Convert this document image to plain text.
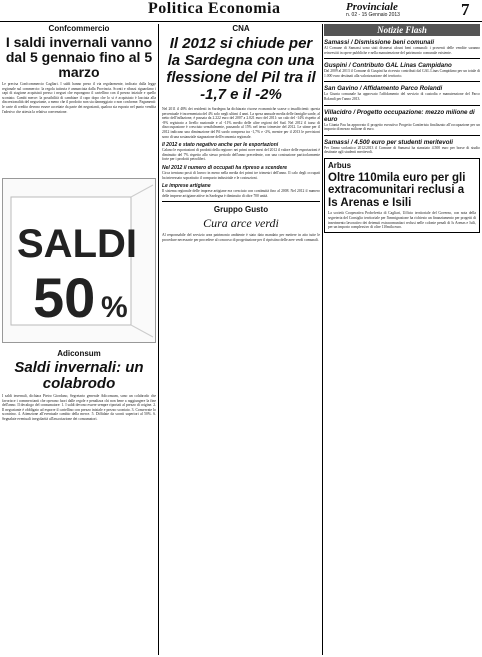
Politica Economia	Provinciale
n. 02 - 15 Gennaio 2013	7
Confcommercio
I saldi invernali vanno dal 5 gennaio fino al 5 marzo
Le precisa Confcommercio Cagliari. I saldi hanno preso il via regolarmente, indicato dalla legge regionale sul commercio: la regola tuttavia è annunciata dalla Provincia. Sconti e ribassi riguardano i capi di stagione acquistati presso i negozi che espongono il cartellino con il prezzo iniziale e quello scontato. Cambi merce: la possibilità di cambiare il capo dopo che lo si è acquistato è lasciata alla discrezionalità del negoziante, a meno che il prodotto non sia danneggiato o non conforme. Pagamenti: le carte di credito devono essere accettate da parte dei negozianti, qualora sia esposto nel punto vendita l'adesivo che attesta la relativa convenzione.
SALDI
50 %
Adiconsum
Saldi invernali: un colabrodo
I saldi invernali, dichiara Pietro Giordano, Segretario generale Adiconsum, sono un colabrodo che favorisce i commercianti che operano fuori dalle regole e penalizza chi non bene a raggiungere la fine dell'anno. Il decalogo del consumatore: 1. I saldi devono essere sempre riportati al prezzo di origine. 2. Il negoziante è obbligato ad esporre il cartellino con prezzo iniziale e prezzo scontato. 3. Conservate lo scontrino. 4. Attenzione all'eventuale cambio della merce. 5. Diffidate da sconti superiori al 50%. 6. Segnalate eventuali irregolarità all'associazione dei consumatori.
CNA
Il 2012 si chiude per la Sardegna con una flessione del Pil tra il -1,7 e il -2%
Nel 2011 il 48% dei residenti in Sardegna ha dichiarato risorse economiche scarse o insufficienti: questa percentuale è incrementata del 4% solo negli ultimi 4 anni. La spesa annuale media delle famiglie sarde, al netto dell'inflazione, è passata da 2.222 euro del 2007 a 2.021 euro del 2011: un calo del -14% rispetto al -8% registrato a livello nazionale e al -11% medio delle altre regioni del Sud. Nel 2012 il tasso di disoccupazione è cresciuto sensibilmente, passando al 15% nel terzo trimestre del 2012. Le stime per il 2012 indicano una diminuzione del Pil sardo compresa tra -1,7% e -2%, mentre per il 2013 le previsioni sono di una sostanziale stagnazione dell'economia regionale.
Il 2012 e stato negativo anche per le esportazioni
Calano le esportazioni di prodotti della regione: nei primi nove mesi del 2012 il valore delle esportazioni è diminuito del 7% rispetto allo stesso periodo dell'anno precedente, con una contrazione particolarmente forte per i prodotti petroliferi.
Nel 2012 il numero di occupati ha ripreso a scendere
Circa trentuno posti di lavoro in meno nella media dei primi tre trimestri dell'anno. Il calo degli occupati ha interessato soprattutto il comparto industriale e le costruzioni.
Le imprese artigiane
Il sistema regionale delle imprese artigiane era cresciuto con continuità fino al 2008. Nel 2012 il numero delle imprese artigiane attive in Sardegna è diminuito di oltre 700 unità.
Gruppo Gusto
Cura arce verdi
Al responsabile del servizio area patrimonio ambiente è stato dato mandato per mettere in atto tutte le procedure necessarie per procedere al concorso di progettazione per il ripristino delle aree verdi comunali.
Notizie Flash
Samassi / Dismissione beni comunali
Al Comune di Samassi sono stati dismessi alcuni beni comunali: i proventi delle vendite saranno reinvestiti in opere pubbliche e nella manutenzione del patrimonio comunale esistente.
Guspini / Contributo GAL Linas Campidano
Dal 2009 al 2013 il Comune di Guspini ha ricevuto contributi dal GAL Linas Campidano per un totale di 1.000 euro destinati alla valorizzazione del territorio.
San Gavino / Affidamento Parco Rolandi
La Giunta comunale ha approvato l'affidamento del servizio di custodia e manutenzione del Parco Rolandi per l'anno 2013.
Villacidro / Progetto occupazione: mezzo milione di euro
La Giunta Pau ha approvato il progetto esecutivo Progetto Cantierista finalizzato all'occupazione per un importo di mezzo milione di euro.
Samassi / 4.500 euro per studenti meritevoli
Per l'anno scolastico 2012/2013 il Comune di Samassi ha stanziato 4.500 euro per borse di studio destinate agli studenti meritevoli.
Arbus
Oltre 110mila euro per gli extracomunitari reclusi a Is Arenas e Isili
La società Cooperativa Prohelvetia di Cagliari, Ufficio territoriale del Governo, con nota della segreteria del Consiglio territoriale per l'immigrazione ha richiesto un finanziamento per progetti di inserimento lavorativo dei detenuti extracomunitari reclusi nelle colonie penali di Is Arenas e Isili, per un importo complessivo di oltre 110mila euro.
